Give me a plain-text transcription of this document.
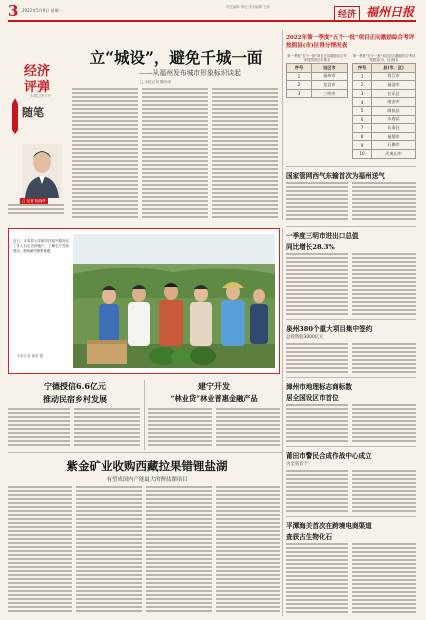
3 2022年5月9日 星期一
责任编辑 李仕 美术编辑 王燕
经济 福州日报
经济
评弹
本报记者专栏
随笔
□ 记者 阮晓华
立“城设”，避免千城一面
——从福州发布城市形象标识谈起
□ 本报记者 魏华南
2022年第一季度“五个一批”项目正向激励综合考评按照县(市)区得分情况表
第一季度“五个一批”项目正向激励综合考评按照设区市排名
序号	设区市
1	福州市
2	龙岩市
3	三明市
第一季度“五个一批”项目正向激励综合考评按照县(市、区)排名
序号	县(市、区)
1	晋江市
2	福清市
3	长乐区
4	南安市
5	闽侯县
6	永春县
7	长泰区
8	福鼎市
9	石狮市
10	武夷山市
国家管网西气东输首次为福州送气
一季度三明市进出口总值
同比增长28.3%
泉州380个重大项目集中签约
总投资超3000亿元
漳州市地理标志商标数
居全国设区市首位
莆田市警民合成作战中心成立
为全省首个
平潭海关首次在跨境电商渠道
查获古生物化石
近日，永泰县大洋镇乡村振兴服务站工作人员走访种植户，了解生产经营情况，帮助解决销售难题。
本报记者 潘荣 摄
宁德授信6.6亿元
推动民宿乡村发展
建宁开发
“林业贷”林业普惠金融产品
紫金矿业收购西藏拉果错锂盐湖
有望成国内产能最大的锂盐湖项目
